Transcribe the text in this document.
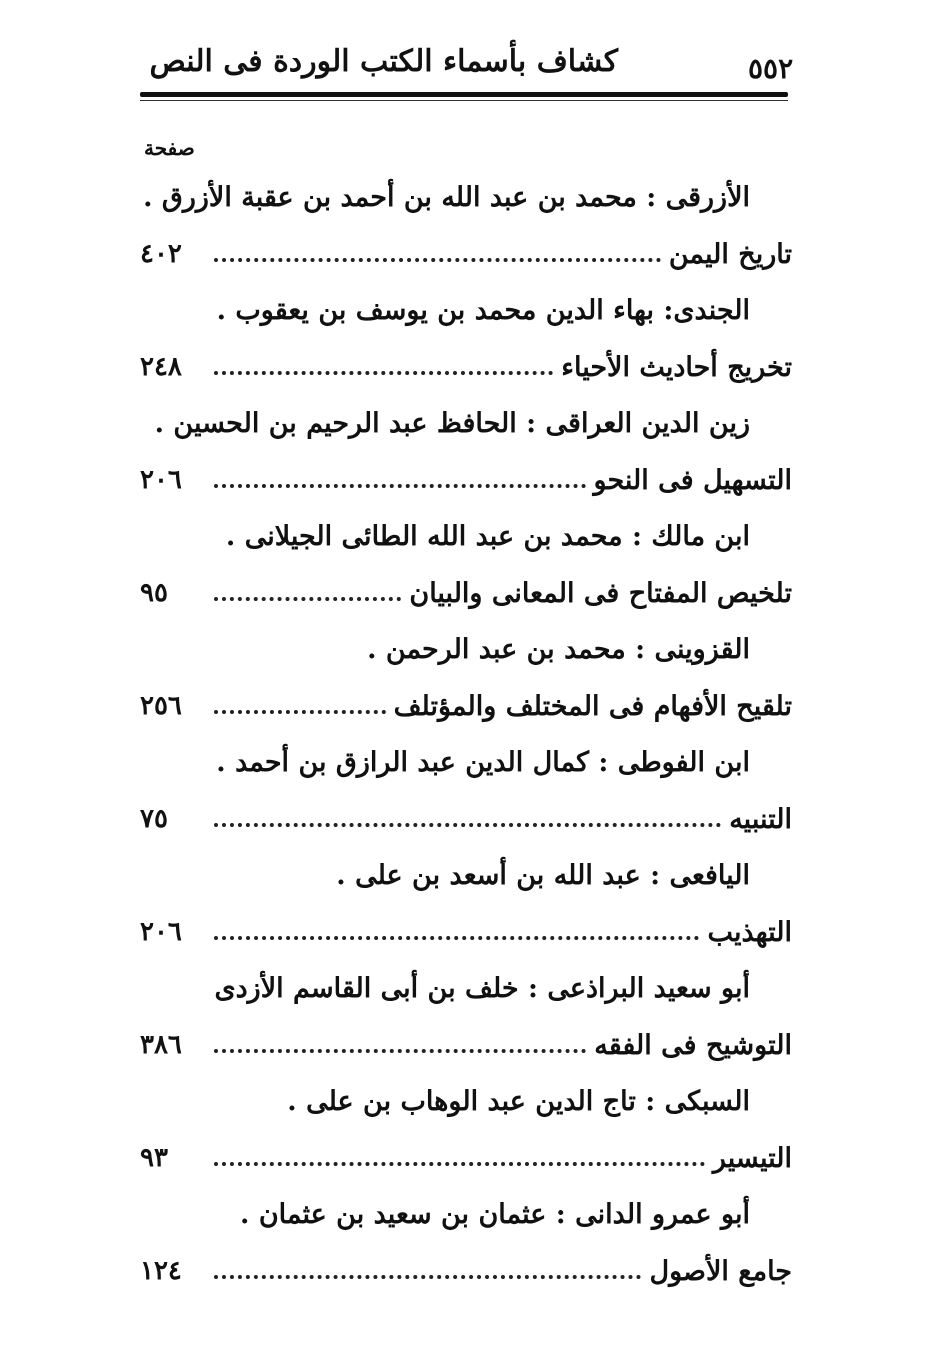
كشاف بأسماء الكتب الوردة فى النص	٥٥٢
صفحة
الأزرقى : محمد بن عبد الله بن أحمد بن عقبة الأزرق .
٤٠٢	تاريخ اليمن
الجندى: بهاء الدين محمد بن يوسف بن يعقوب .
٢٤٨	تخريج أحاديث الأحياء
زين الدين العراقى : الحافظ عبد الرحيم بن الحسين .
٢٠٦	التسهيل فى النحو
ابن مالك : محمد بن عبد الله الطائى الجيلانى .
٩٥	تلخيص المفتاح فى المعانى والبيان
القزوينى : محمد بن عبد الرحمن .
٢٥٦	تلقيح الأفهام فى المختلف والمؤتلف
ابن الفوطى : كمال الدين عبد الرازق بن أحمد .
٧٥	التنبيه
اليافعى : عبد الله بن أسعد بن على .
٢٠٦	التهذيب
أبو سعيد البراذعى : خلف بن أبى القاسم الأزدى
٣٨٦	التوشيح فى الفقه
السبكى : تاج الدين عبد الوهاب بن على .
٩٣	التيسير
أبو عمرو الدانى : عثمان بن سعيد بن عثمان .
١٢٤	جامع الأصول
